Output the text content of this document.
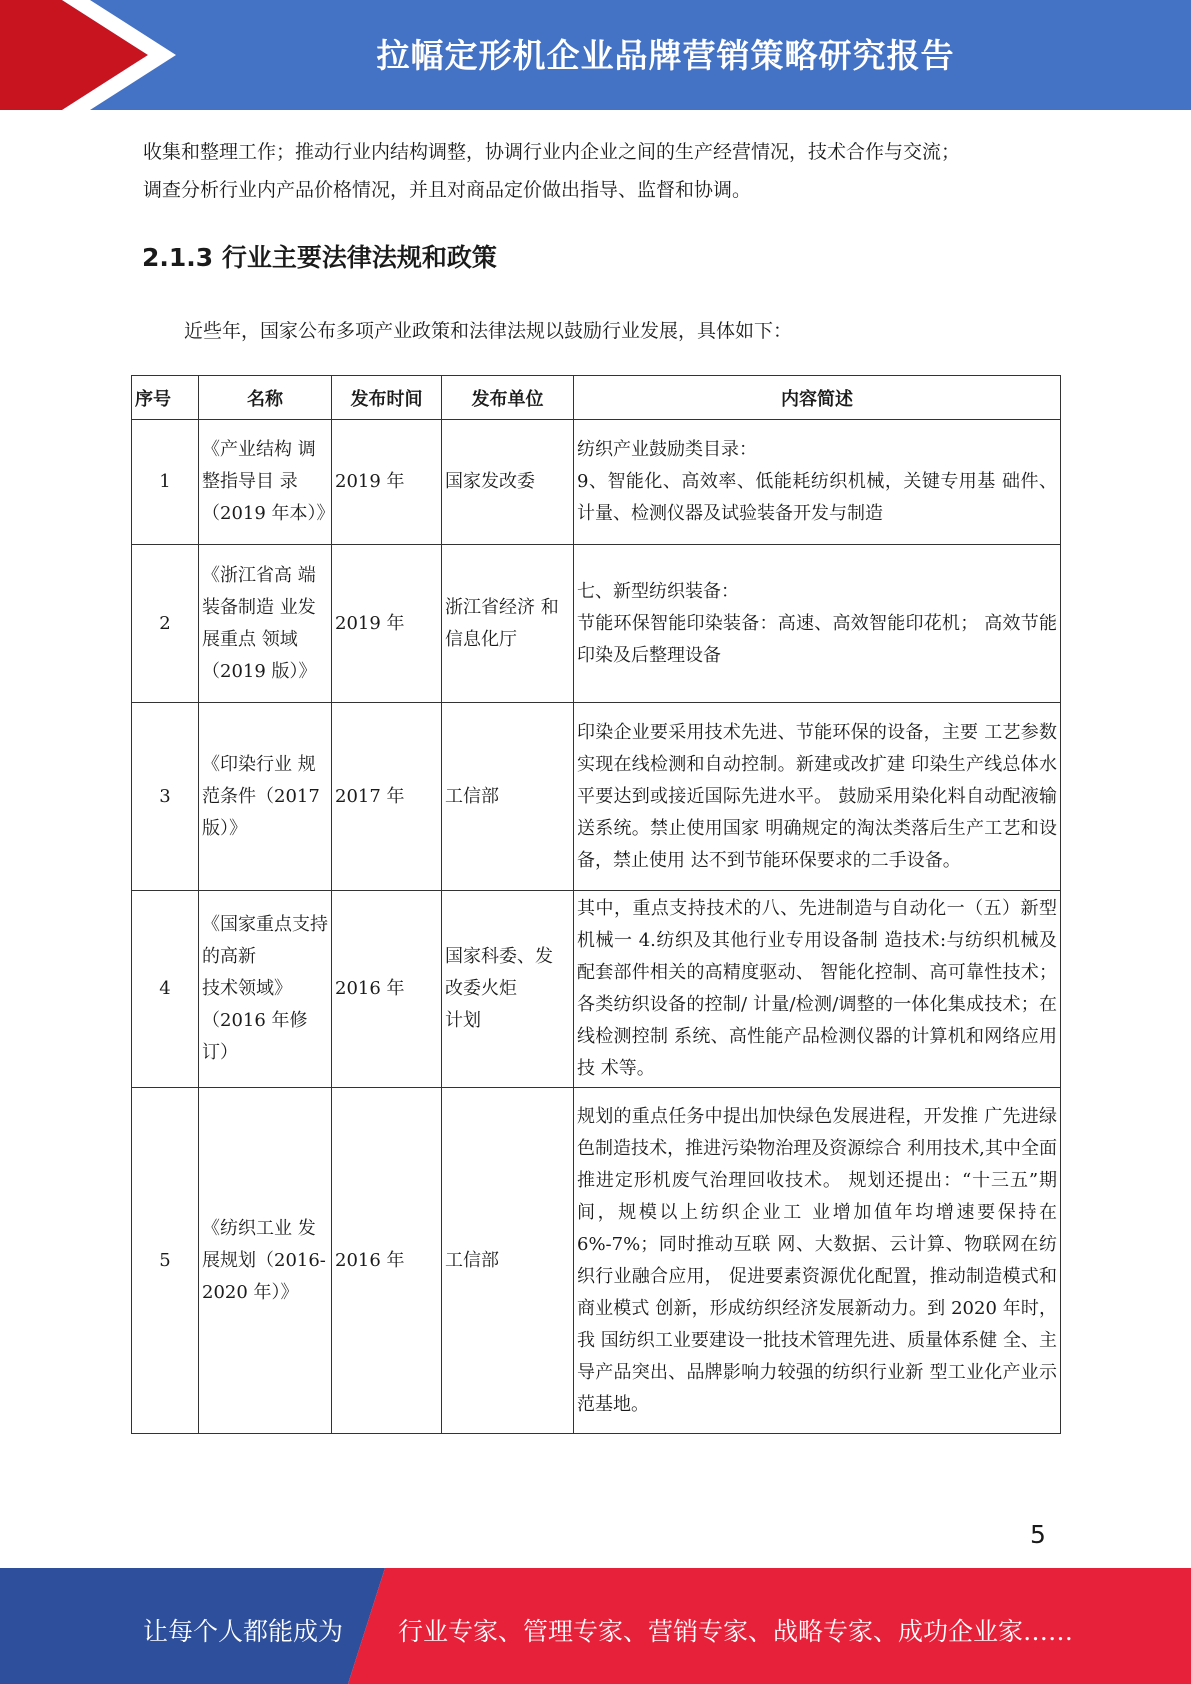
拉幅定形机企业品牌营销策略研究报告
收集和整理工作；推动行业内结构调整，协调行业内企业之间的生产经营情况，技术合作与交流；
调查分析行业内产品价格情况，并且对商品定价做出指导、监督和协调。
2.1.3 行业主要法律法规和政策
近些年，国家公布多项产业政策和法律法规以鼓励行业发展，具体如下：
序号	名称	发布时间	发布单位	内容简述
1	《产业结构 调整指导目 录（2019 年本）》	2019 年	国家发改委	纺织产业鼓励类目录：
9、智能化、高效率、低能耗纺织机械，关键专用基 础件、计量、检测仪器及试验装备开发与制造
2	《浙江省高 端装备制造 业发展重点 领域（2019 版）》	2019 年	浙江省经济 和信息化厅	七、新型纺织装备：
节能环保智能印染装备：高速、高效智能印花机； 高效节能印染及后整理设备
3	《印染行业 规范条件（2017 版）》	2017 年	工信部	印染企业要采用技术先进、节能环保的设备，主要 工艺参数实现在线检测和自动控制。新建或改扩建 印染生产线总体水平要达到或接近国际先进水平。 鼓励采用染化料自动配液输送系统。禁止使用国家 明确规定的淘汰类落后生产工艺和设备，禁止使用 达不到节能环保要求的二手设备。
4	《国家重点支持的高新
技术领域》
（2016 年修订）	2016 年	国家科委、发改委火炬
计划	其中，重点支持技术的八、先进制造与自动化一（五）新型机械一 4.纺织及其他行业专用设备制 造技术:与纺织机械及配套部件相关的高精度驱动、 智能化控制、高可靠性技术；各类纺织设备的控制/ 计量/检测/调整的一体化集成技术；在线检测控制 系统、高性能产品检测仪器的计算机和网络应用技 术等。
5	《纺织工业 发展规划（2016-2020 年）》	2016 年	工信部	规划的重点任务中提出加快绿色发展进程，开发推 广先进绿色制造技术，推进污染物治理及资源综合 利用技术,其中全面推进定形机废气治理回收技术。 规划还提出：“十三五”期间，规模以上纺织企业工 业增加值年均增速要保持在 6%-7%；同时推动互联 网、大数据、云计算、物联网在纺织行业融合应用， 促进要素资源优化配置，推动制造模式和商业模式 创新，形成纺织经济发展新动力。到 2020 年时，我 国纺织工业要建设一批技术管理先进、质量体系健 全、主导产品突出、品牌影响力较强的纺织行业新 型工业化产业示范基地。
5
让每个人都能成为 行业专家、管理专家、营销专家、战略专家、成功企业家……
